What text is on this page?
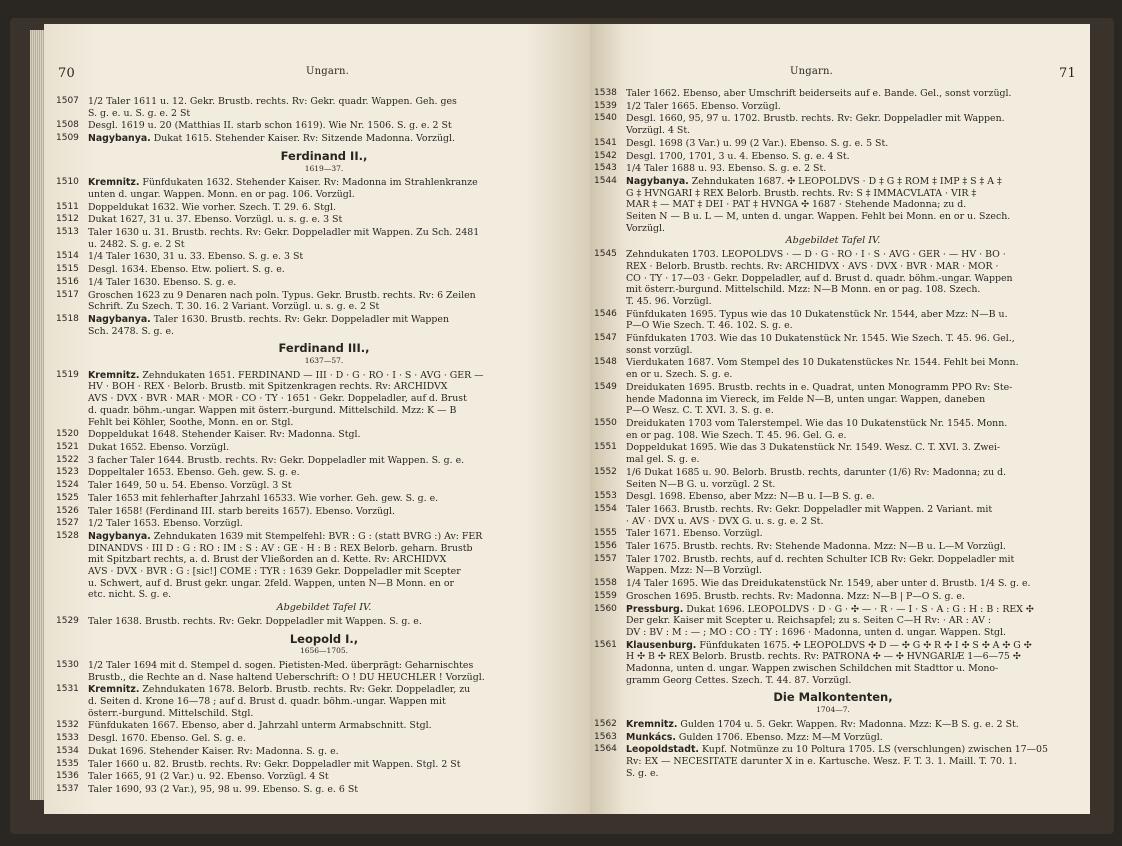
70	Ungarn.
1507 1/2 Taler 1611 u. 12. Gekr. Brustb. rechts. Rv: Gekr. quadr. Wappen. Geh. ges
S. g. e. u. S. g. e. 2 St
1508 Desgl. 1619 u. 20 (Matthias II. starb schon 1619). Wie Nr. 1506. S. g. e. 2 St
1509 Nagybanya. Dukat 1615. Stehender Kaiser. Rv: Sitzende Madonna. Vorzügl.
Ferdinand II.,
1619—37.
1510 Kremnitz. Fünfdukaten 1632. Stehender Kaiser. Rv: Madonna im Strahlenkranze
unten d. ungar. Wappen. Monn. en or pag. 106. Vorzügl.
1511 Doppeldukat 1632. Wie vorher. Szech. T. 29. 6. Stgl.
1512 Dukat 1627, 31 u. 37. Ebenso. Vorzügl. u. s. g. e. 3 St
1513 Taler 1630 u. 31. Brustb. rechts. Rv: Gekr. Doppeladler mit Wappen. Zu Sch. 2481
u. 2482. S. g. e. 2 St
1514 1/4 Taler 1630, 31 u. 33. Ebenso. S. g. e. 3 St
1515 Desgl. 1634. Ebenso. Etw. poliert. S. g. e.
1516 1/4 Taler 1630. Ebenso. S. g. e.
1517 Groschen 1623 zu 9 Denaren nach poln. Typus. Gekr. Brustb. rechts. Rv: 6 Zeilen
Schrift. Zu Szech. T. 30. 16. 2 Variant. Vorzügl. u. s. g. e. 2 St
1518 Nagybanya. Taler 1630. Brustb. rechts. Rv: Gekr. Doppeladler mit Wappen
Sch. 2478. S. g. e.
Ferdinand III.,
1637—57.
1519 Kremnitz. Zehndukaten 1651. FERDINAND — III · D · G · RO · I · S · AVG · GER —
HV · BOH · REX · Belorb. Brustb. mit Spitzenkragen rechts. Rv: ARCHIDVX
AVS · DVX · BVR · MAR · MOR · CO · TY · 1651 · Gekr. Doppeladler, auf d. Brust
d. quadr. böhm.-ungar. Wappen mit österr.-burgund. Mittelschild. Mzz: K — B
Fehlt bei Köhler, Soothe, Monn. en or. Stgl.
1520 Doppeldukat 1648. Stehender Kaiser. Rv: Madonna. Stgl.
1521 Dukat 1652. Ebenso. Vorzügl.
1522 3 facher Taler 1644. Brustb. rechts. Rv: Gekr. Doppeladler mit Wappen. S. g. e.
1523 Doppeltaler 1653. Ebenso. Geh. gew. S. g. e.
1524 Taler 1649, 50 u. 54. Ebenso. Vorzügl. 3 St
1525 Taler 1653 mit fehlerhafter Jahrzahl 16533. Wie vorher. Geh. gew. S. g. e.
1526 Taler 1658! (Ferdinand III. starb bereits 1657). Ebenso. Vorzügl.
1527 1/2 Taler 1653. Ebenso. Vorzügl.
1528 Nagybanya. Zehndukaten 1639 mit Stempelfehl: BVR : G : (statt BVRG :) Av: FER
DINANDVS · III D : G : RO : IM : S : AV : GE · H : B : REX Belorb. geharn. Brustb
mit Spitzbart rechts, a. d. Brust der Vließorden an d. Kette. Rv: ARCHIDVX
AVS · DVX · BVR : G : [sic!] COME : TYR : 1639 Gekr. Doppeladler mit Scepter
u. Schwert, auf d. Brust gekr. ungar. 2feld. Wappen, unten N—B Monn. en or
etc. nicht. S. g. e.
Abgebildet Tafel IV.
1529 Taler 1638. Brustb. rechts. Rv: Gekr. Doppeladler mit Wappen. S. g. e.
Leopold I.,
1656—1705.
1530 1/2 Taler 1694 mit d. Stempel d. sogen. Pietisten-Med. überprägt: Geharnischtes
Brustb., die Rechte an d. Nase haltend Ueberschrift: O ! DU HEUCHLER ! Vorzügl.
1531 Kremnitz. Zehndukaten 1678. Belorb. Brustb. rechts. Rv: Gekr. Doppeladler, zu
d. Seiten d. Krone 16—78 ; auf d. Brust d. quadr. böhm.-ungar. Wappen mit
österr.-burgund. Mittelschild. Stgl.
1532 Fünfdukaten 1667. Ebenso, aber d. Jahrzahl unterm Armabschnitt. Stgl.
1533 Desgl. 1670. Ebenso. Gel. S. g. e.
1534 Dukat 1696. Stehender Kaiser. Rv: Madonna. S. g. e.
1535 Taler 1660 u. 82. Brustb. rechts. Rv: Gekr. Doppeladler mit Wappen. Stgl. 2 St
1536 Taler 1665, 91 (2 Var.) u. 92. Ebenso. Vorzügl. 4 St
1537 Taler 1690, 93 (2 Var.), 95, 98 u. 99. Ebenso. S. g. e. 6 St
Ungarn.	71
1538 Taler 1662. Ebenso, aber Umschrift beiderseits auf e. Bande. Gel., sonst vorzügl.
1539 1/2 Taler 1665. Ebenso. Vorzügl.
1540 Desgl. 1660, 95, 97 u. 1702. Brustb. rechts. Rv: Gekr. Doppeladler mit Wappen.
Vorzügl. 4 St.
1541 Desgl. 1698 (3 Var.) u. 99 (2 Var.). Ebenso. S. g. e. 5 St.
1542 Desgl. 1700, 1701, 3 u. 4. Ebenso. S. g. e. 4 St.
1543 1/4 Taler 1688 u. 93. Ebenso. S. g. e. 2 St.
1544 Nagybanya. Zehndukaten 1687. ✣ LEOPOLDVS · D ‡ G ‡ ROM ‡ IMP ‡ S ‡ A ‡
G ‡ HVNGARI ‡ REX Belorb. Brustb. rechts. Rv: S ‡ IMMACVLATA · VIR ‡
MAR ‡ — MAT ‡ DEI · PAT ‡ HVNGA ✣ 1687 · Stehende Madonna; zu d.
Seiten N — B u. L — M, unten d. ungar. Wappen. Fehlt bei Monn. en or u. Szech.
Vorzügl.
Abgebildet Tafel IV.
1545 Zehndukaten 1703. LEOPOLDVS · — D · G · RO · I · S · AVG · GER · — HV · BO ·
REX · Belorb. Brustb. rechts. Rv: ARCHIDVX · AVS · DVX · BVR · MAR · MOR ·
CO · TY · 17—03 · Gekr. Doppeladler, auf d. Brust d. quadr. böhm.-ungar. Wappen
mit österr.-burgund. Mittelschild. Mzz: N—B Monn. en or pag. 108. Szech.
T. 45. 96. Vorzügl.
1546 Fünfdukaten 1695. Typus wie das 10 Dukatenstück Nr. 1544, aber Mzz: N—B u.
P—O Wie Szech. T. 46. 102. S. g. e.
1547 Fünfdukaten 1703. Wie das 10 Dukatenstück Nr. 1545. Wie Szech. T. 45. 96. Gel.,
sonst vorzügl.
1548 Vierdukaten 1687. Vom Stempel des 10 Dukatenstückes Nr. 1544. Fehlt bei Monn.
en or u. Szech. S. g. e.
1549 Dreidukaten 1695. Brustb. rechts in e. Quadrat, unten Monogramm PPO Rv: Ste-
hende Madonna im Viereck, im Felde N—B, unten ungar. Wappen, daneben
P—O Wesz. C. T. XVI. 3. S. g. e.
1550 Dreidukaten 1703 vom Talerstempel. Wie das 10 Dukatenstück Nr. 1545. Monn.
en or pag. 108. Wie Szech. T. 45. 96. Gel. G. e.
1551 Doppeldukat 1695. Wie das 3 Dukatenstück Nr. 1549. Wesz. C. T. XVI. 3. Zwei-
mal gel. S. g. e.
1552 1/6 Dukat 1685 u. 90. Belorb. Brustb. rechts, darunter (1/6) Rv: Madonna; zu d.
Seiten N—B G. u. vorzügl. 2 St.
1553 Desgl. 1698. Ebenso, aber Mzz: N—B u. I—B S. g. e.
1554 Taler 1663. Brustb. rechts. Rv: Gekr. Doppeladler mit Wappen. 2 Variant. mit
· AV · DVX u. AVS · DVX G. u. s. g. e. 2 St.
1555 Taler 1671. Ebenso. Vorzügl.
1556 Taler 1675. Brustb. rechts. Rv: Stehende Madonna. Mzz: N—B u. L—M Vorzügl.
1557 Taler 1702. Brustb. rechts, auf d. rechten Schulter ICB Rv: Gekr. Doppeladler mit
Wappen. Mzz: N—B Vorzügl.
1558 1/4 Taler 1695. Wie das Dreidukatenstück Nr. 1549, aber unter d. Brustb. 1/4 S. g. e.
1559 Groschen 1695. Brustb. rechts. Rv: Madonna. Mzz: N—B | P—O S. g. e.
1560 Pressburg. Dukat 1696. LEOPOLDVS · D · G · ✣ — · R · — I · S · A : G : H : B : REX ✣
Der gekr. Kaiser mit Scepter u. Reichsapfel; zu s. Seiten C—H Rv: · AR : AV :
DV : BV : M : — ; MO : CO : TY : 1696 · Madonna, unten d. ungar. Wappen. Stgl.
1561 Klausenburg. Fünfdukaten 1675. ✣ LEOPOLDVS ✣ D — ✣ G ✣ R ✣ I ✣ S ✣ A ✣ G ✣
H ✣ B ✣ REX Belorb. Brustb. rechts. Rv: PATRONA ✣ — ✣ HVNGARIÆ 1—6—75 ✣
Madonna, unten d. ungar. Wappen zwischen Schildchen mit Stadttor u. Mono-
gramm Georg Cettes. Szech. T. 44. 87. Vorzügl.
Die Malkontenten,
1704—7.
1562 Kremnitz. Gulden 1704 u. 5. Gekr. Wappen. Rv: Madonna. Mzz: K—B S. g. e. 2 St.
1563 Munkács. Gulden 1706. Ebenso. Mzz: M—M Vorzügl.
1564 Leopoldstadt. Kupf. Notmünze zu 10 Poltura 1705. LS (verschlungen) zwischen 17—05
Rv: EX — NECESITATE darunter X in e. Kartusche. Wesz. F. T. 3. 1. Maill. T. 70. 1.
S. g. e.
